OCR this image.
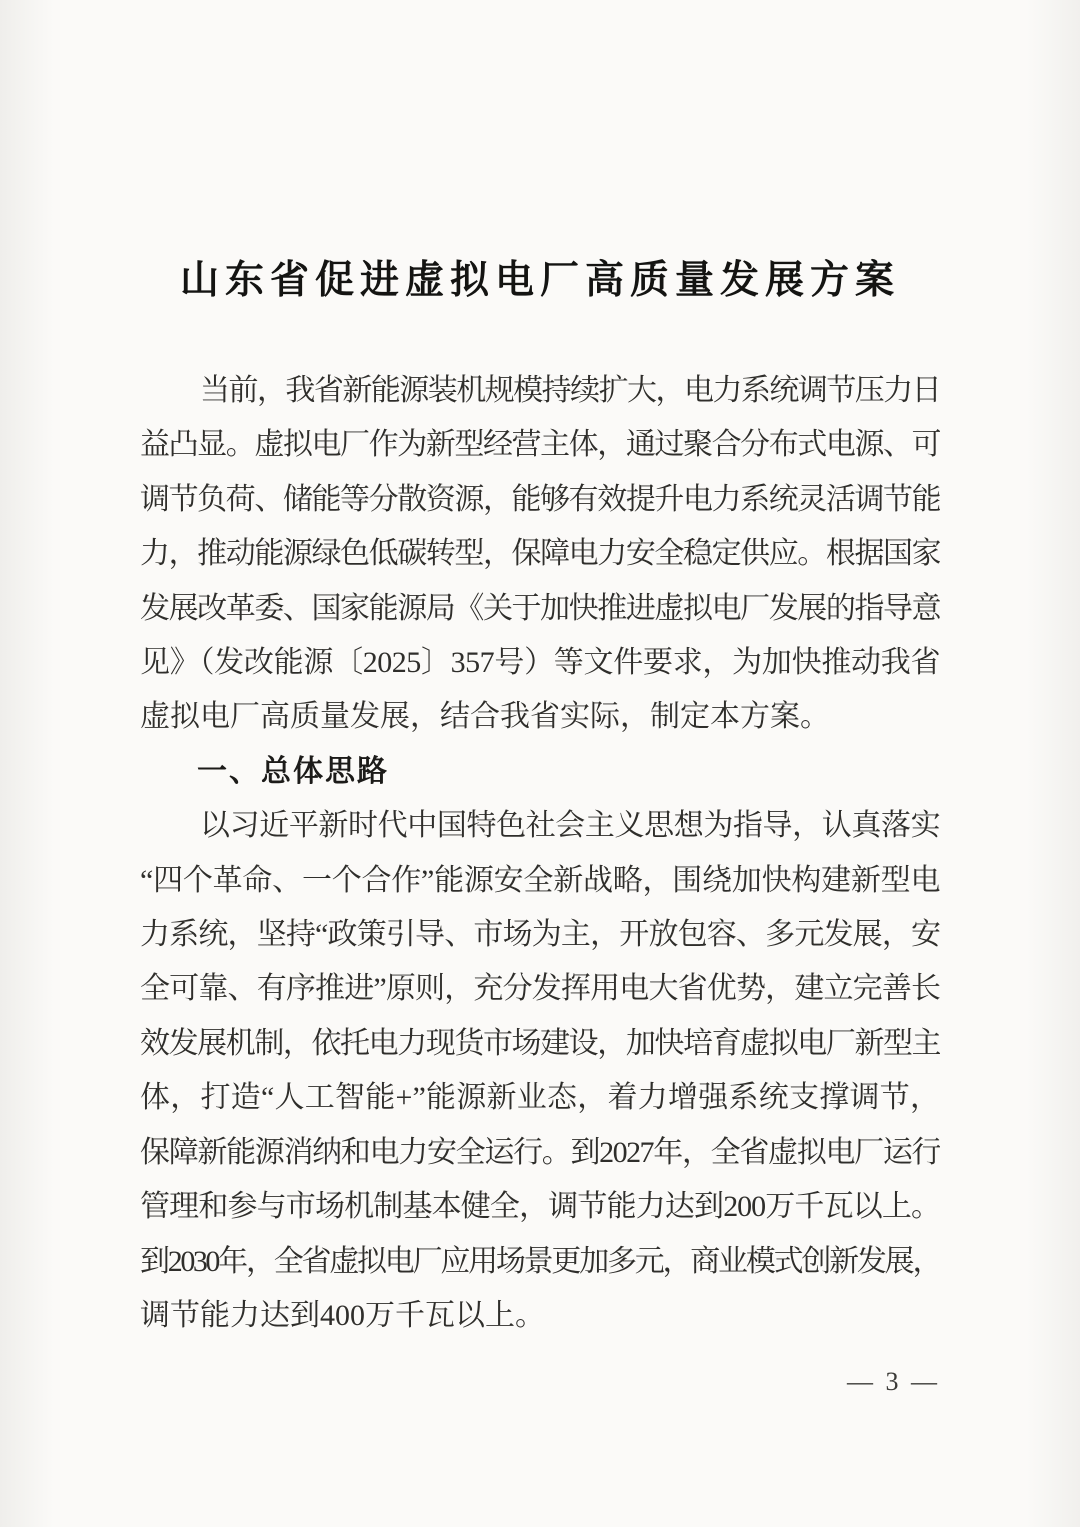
山东省促进虚拟电厂高质量发展方案
当前，我省新能源装机规模持续扩大，电力系统调节压力日
益凸显。虚拟电厂作为新型经营主体，通过聚合分布式电源、可
调节负荷、储能等分散资源，能够有效提升电力系统灵活调节能
力，推动能源绿色低碳转型，保障电力安全稳定供应。根据国家
发展改革委、国家能源局《关于加快推进虚拟电厂发展的指导意
见》（发改能源〔2025〕357号）等文件要求，为加快推动我省
虚拟电厂高质量发展，结合我省实际，制定本方案。
一、总体思路
以习近平新时代中国特色社会主义思想为指导，认真落实
“四个革命、一个合作”能源安全新战略，围绕加快构建新型电
力系统，坚持“政策引导、市场为主，开放包容、多元发展，安
全可靠、有序推进”原则，充分发挥用电大省优势，建立完善长
效发展机制，依托电力现货市场建设，加快培育虚拟电厂新型主
体，打造“人工智能+”能源新业态，着力增强系统支撑调节，
保障新能源消纳和电力安全运行。到2027年，全省虚拟电厂运行
管理和参与市场机制基本健全，调节能力达到200万千瓦以上。
到2030年，全省虚拟电厂应用场景更加多元，商业模式创新发展，
调节能力达到400万千瓦以上。
— 3 —
